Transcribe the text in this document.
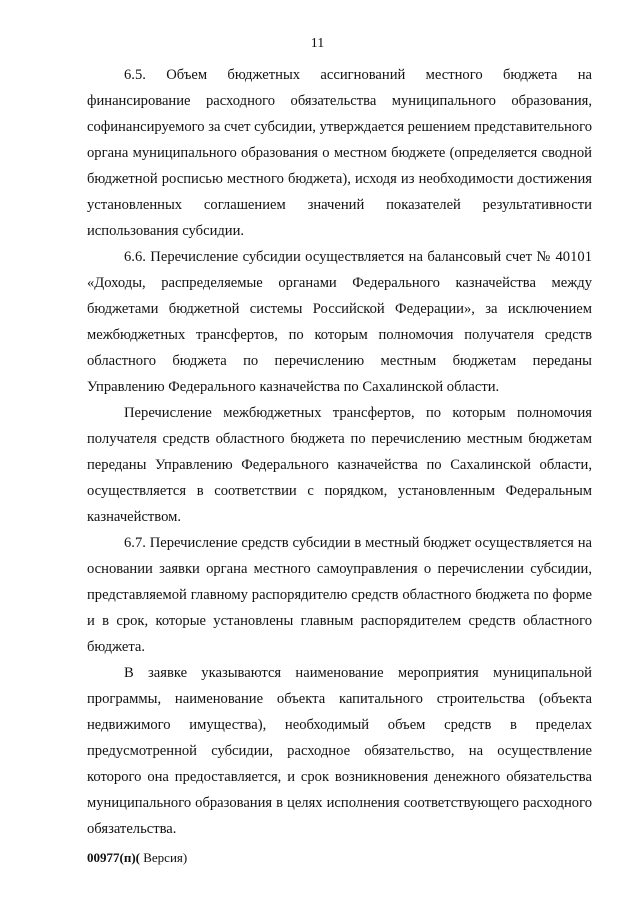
11

6.5. Объем бюджетных ассигнований местного бюджета на финансирование расходного обязательства муниципального образования, софинансируемого за счет субсидии, утверждается решением представительного органа муниципального образования о местном бюджете (определяется сводной бюджетной росписью местного бюджета), исходя из необходимости достижения установленных соглашением значений показателей результативности использования субсидии.

6.6. Перечисление субсидии осуществляется на балансовый счет № 40101 «Доходы, распределяемые органами Федерального казначейства между бюджетами бюджетной системы Российской Федерации», за исключением межбюджетных трансфертов, по которым полномочия получателя средств областного бюджета по перечислению местным бюджетам переданы Управлению Федерального казначейства по Сахалинской области.

Перечисление межбюджетных трансфертов, по которым полномочия получателя средств областного бюджета по перечислению местным бюджетам переданы Управлению Федерального казначейства по Сахалинской области, осуществляется в соответствии с порядком, установленным Федеральным казначейством.

6.7. Перечисление средств субсидии в местный бюджет осуществляется на основании заявки органа местного самоуправления о перечислении субсидии, представляемой главному распорядителю средств областного бюджета по форме и в срок, которые установлены главным распорядителем средств областного бюджета.

В заявке указываются наименование мероприятия муниципальной программы, наименование объекта капитального строительства (объекта недвижимого имущества), необходимый объем средств в пределах предусмотренной субсидии, расходное обязательство, на осуществление которого она предоставляется, и срок возникновения денежного обязательства муниципального образования в целях исполнения соответствующего расходного обязательства.

00977(п)( Версия)
